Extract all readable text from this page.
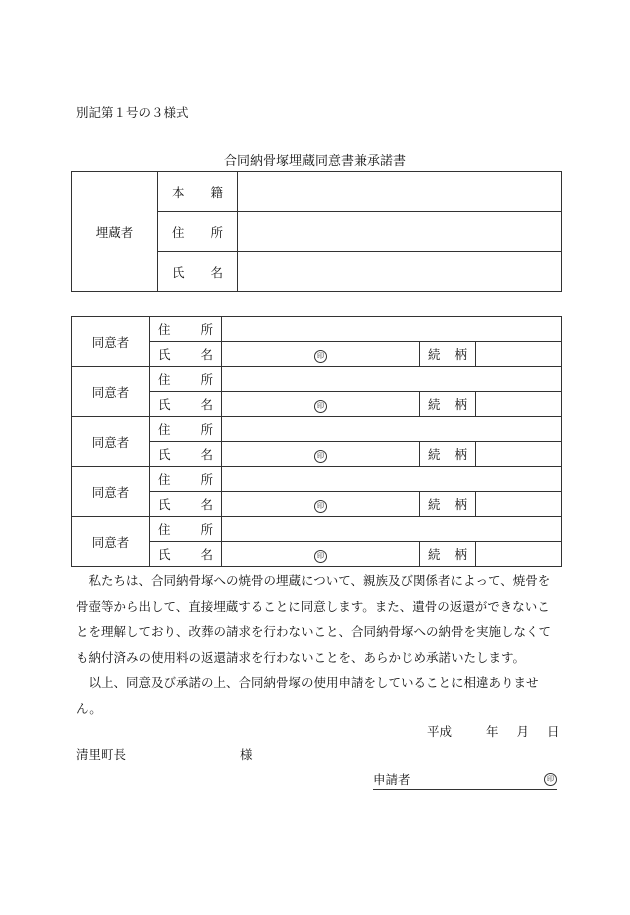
別記第１号の３様式
合同納骨塚埋蔵同意書兼承諾書
埋蔵者	本 籍	

	住 所	

	氏 名	

同意者	住 所			

	氏 名	印	続 柄	

同意者	住 所			

	氏 名	印	続 柄	

同意者	住 所			

	氏 名	印	続 柄	

同意者	住 所			

	氏 名	印	続 柄	

同意者	住 所			

	氏 名	印	続 柄	

私たちは、合同納骨塚への焼骨の埋蔵について、親族及び関係者によって、焼骨を骨壺等から出して、直接埋蔵することに同意します。また、遺骨の返還ができないことを理解しており、改葬の請求を行わないこと、合同納骨塚への納骨を実施しなくても納付済みの使用料の返還請求を行わないことを、あらかじめ承諾いたします。

以上、同意及び承諾の上、合同納骨塚の使用申請をしていることに相違ありません。

平成	年 月 日
清里町長	様
申請者	印
